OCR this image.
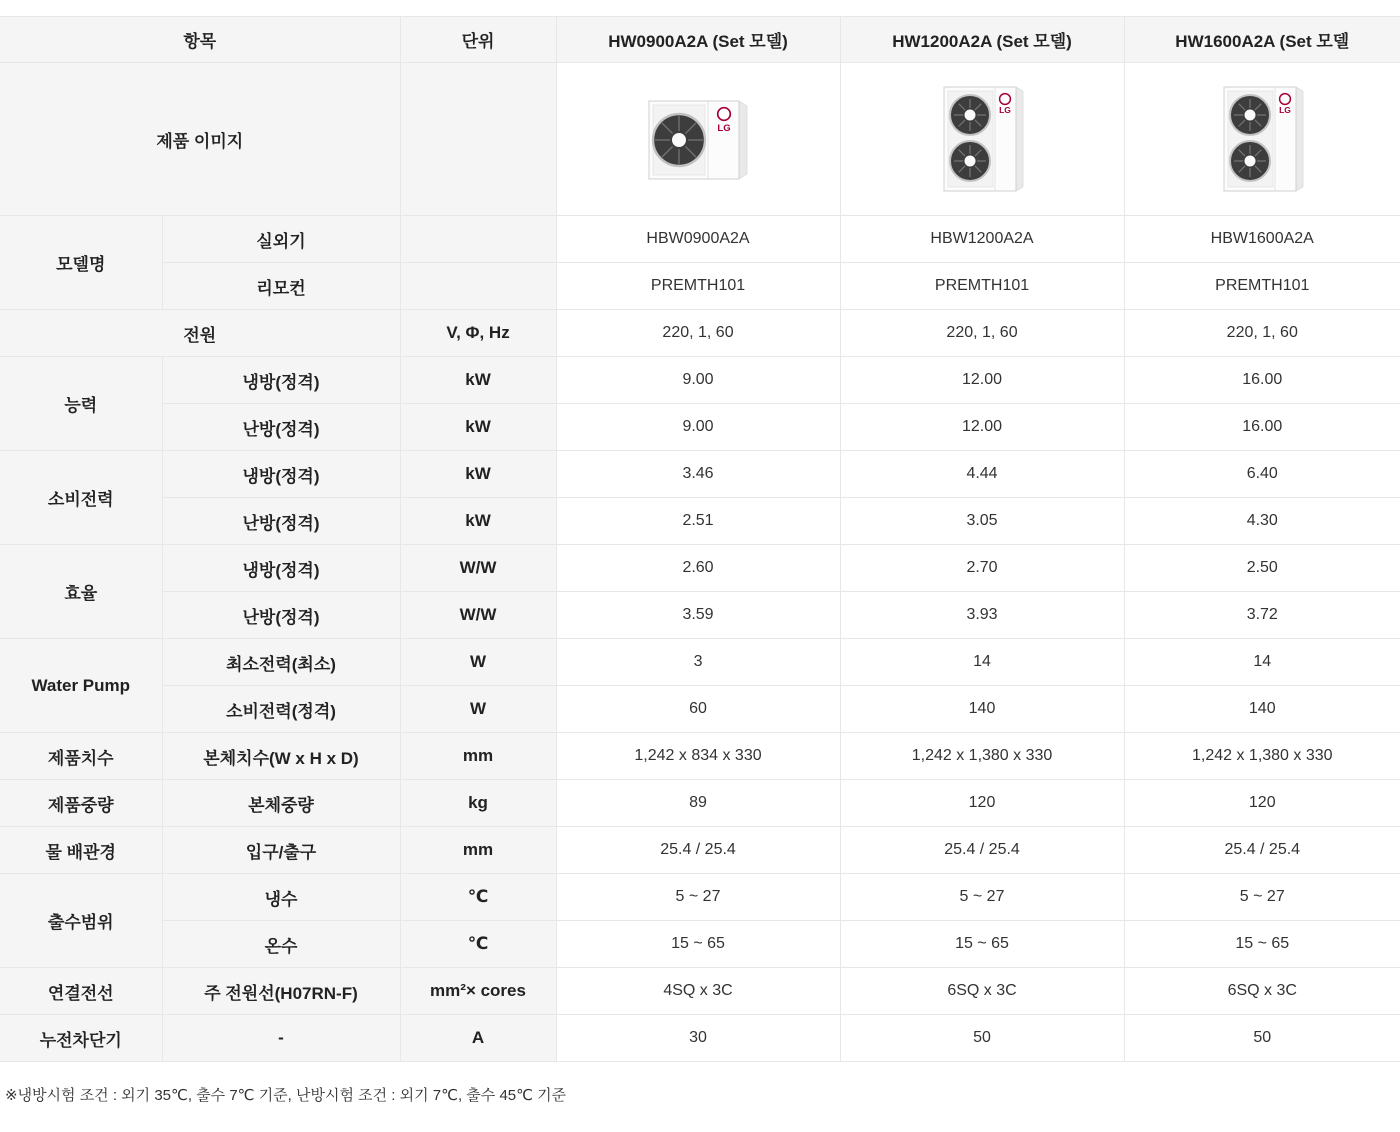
항목		단위	HW0900A2A (Set 모델)	HW1200A2A (Set 모델)	HW1600A2A (Set 모델
제품 이미지			LG	LG	LG

모델명	실외기		HBW0900A2A	HBW1200A2A	HBW1600A2A
	리모컨		PREMTH101	PREMTH101	PREMTH101
전원		V, Φ, Hz	220, 1, 60	220, 1, 60	220, 1, 60
능력	냉방(정격)	kW	9.00	12.00	16.00
	난방(정격)	kW	9.00	12.00	16.00
소비전력	냉방(정격)	kW	3.46	4.44	6.40
	난방(정격)	kW	2.51	3.05	4.30
효율	냉방(정격)	W/W	2.60	2.70	2.50
	난방(정격)	W/W	3.59	3.93	3.72
Water Pump	최소전력(최소)	W	3	14	14
	소비전력(정격)	W	60	140	140
제품치수	본체치수(W x H x D)	mm	1,242 x 834 x 330	1,242 x 1,380 x 330	1,242 x 1,380 x 330
제품중량	본체중량	kg	89	120	120
물 배관경	입구/출구	mm	25.4 / 25.4	25.4 / 25.4	25.4 / 25.4
출수범위	냉수	℃	5 ~ 27	5 ~ 27	5 ~ 27
	온수	℃	15 ~ 65	15 ~ 65	15 ~ 65
연결전선	주 전원선(H07RN-F)	mm²× cores	4SQ x 3C	6SQ x 3C	6SQ x 3C
누전차단기	-	A	30	50	50
※냉방시험 조건 : 외기 35℃, 출수 7℃ 기준, 난방시험 조건 : 외기 7℃, 출수 45℃ 기준
